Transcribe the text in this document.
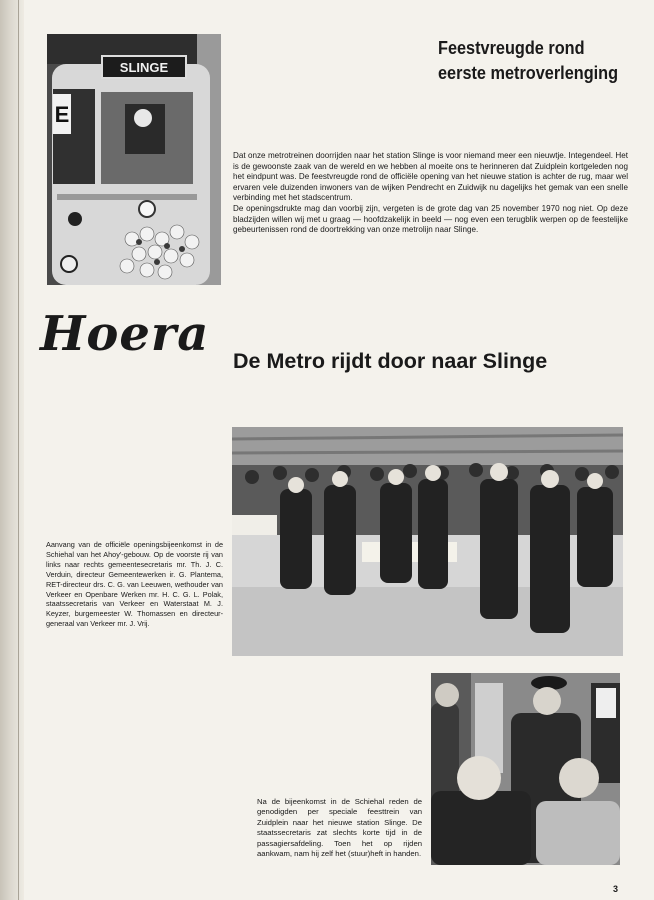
SLINGE
E
Feestvreugde rond
eerste metroverlenging

Dat onze metrotreinen doorrijden naar het station Slinge is voor niemand meer een nieuwtje. Integendeel. Het is de gewoonste zaak van de wereld en we hebben al moeite ons te herinneren dat Zuidplein kortgeleden nog het eindpunt was. De feestvreugde rond de officiële opening van het nieuwe station is achter de rug, maar wel ervaren vele duizenden inwoners van de wijken Pendrecht en Zuidwijk nu dagelijks het gemak van een snelle verbinding met het stadscentrum.

De openingsdrukte mag dan voorbij zijn, vergeten is de grote dag van 25 november 1970 nog niet. Op deze bladzijden willen wij met u graag — hoofdzakelijk in beeld — nog even een terugblik werpen op de feestelijke gebeurtenissen rond de doortrekking van onze metrolijn naar Slinge.

Hoera De Metro rijdt door naar Slinge
Aanvang van de officiële openingsbijeenkomst in de Schiehal van het Ahoy'-gebouw. Op de voorste rij van links naar rechts gemeentesecretaris mr. Th. J. C. Verduin, directeur Gemeentewerken ir. G. Plantema, RET-directeur drs. C. G. van Leeuwen, wethouder van Verkeer en Openbare Werken mr. H. C. G. L. Polak, staatssecretaris van Verkeer en Waterstaat M. J. Keyzer, burgemeester W. Thomassen en directeur-generaal van Verkeer mr. J. Vrij.
Na de bijeenkomst in de Schiehal reden de genodigden per speciale feesttrein van Zuidplein naar het nieuwe station Slinge. De staatssecretaris zat slechts korte tijd in de passagiersafdeling. Toen het op rijden aankwam, nam hij zelf het (stuur)heft in handen.
3
